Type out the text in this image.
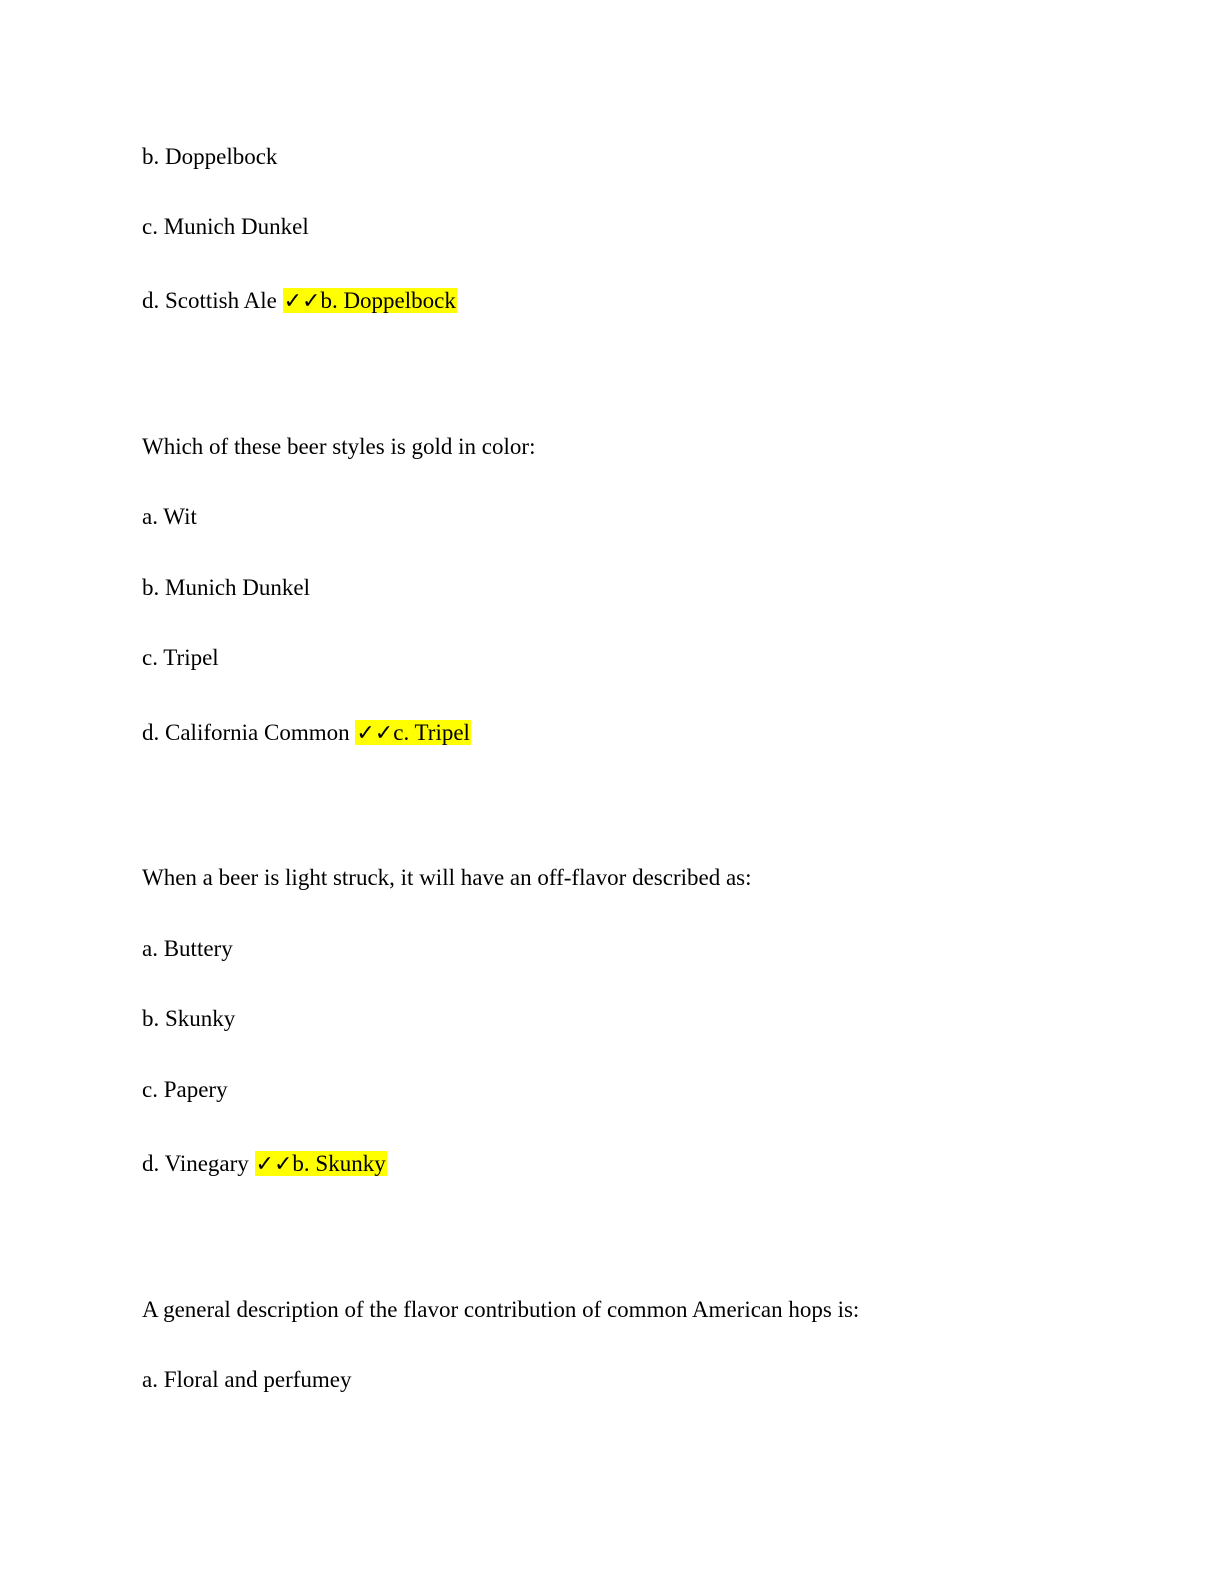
b. Doppelbock
c. Munich Dunkel
d. Scottish Ale ✓✓b. Doppelbock
Which of these beer styles is gold in color:
a. Wit
b. Munich Dunkel
c. Tripel
d. California Common ✓✓c. Tripel
When a beer is light struck, it will have an off-flavor described as:
a. Buttery
b. Skunky
c. Papery
d. Vinegary ✓✓b. Skunky
A general description of the flavor contribution of common American hops is:
a. Floral and perfumey
